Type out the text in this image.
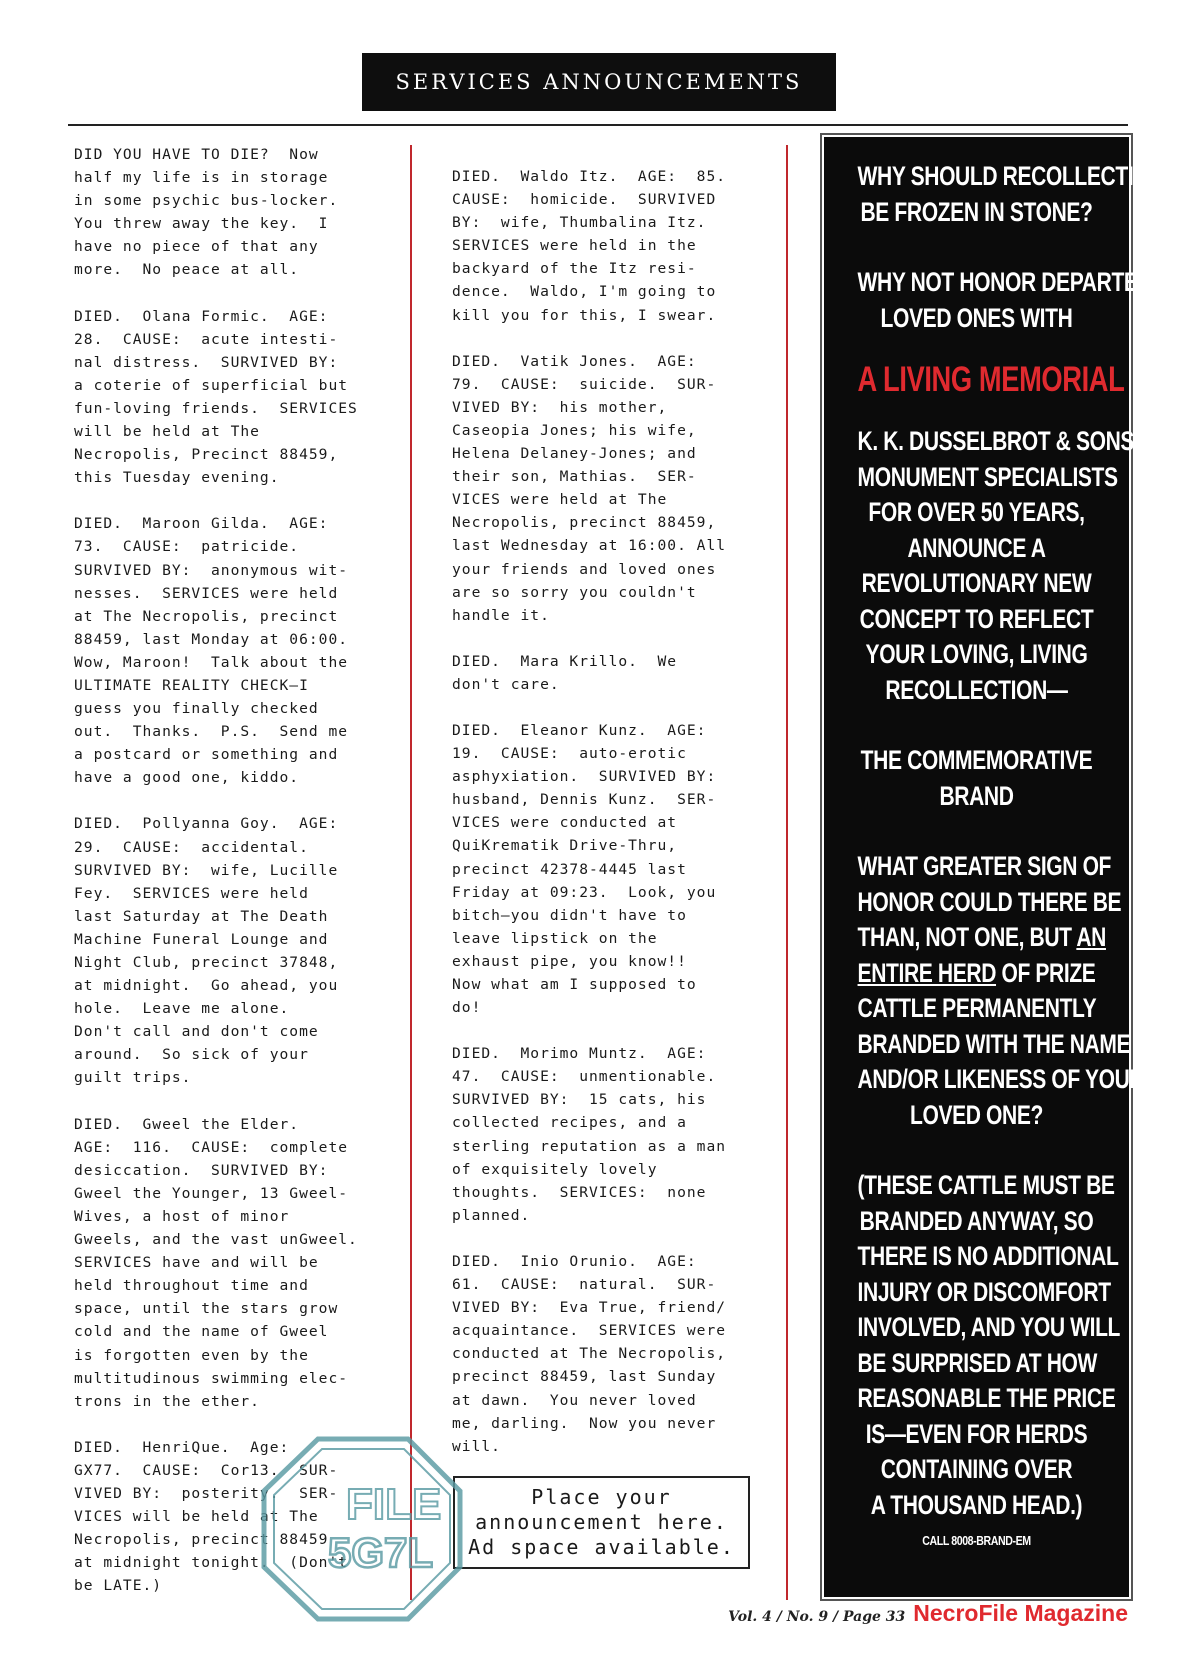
SERVICES ANNOUNCEMENTS
DID YOU HAVE TO DIE?  Now
half my life is in storage
in some psychic bus-locker.
You threw away the key.  I
have no piece of that any
more.  No peace at all.
DIED.  Olana Formic.  AGE:
28.  CAUSE:  acute intesti-
nal distress.  SURVIVED BY:
a coterie of superficial but
fun-loving friends.  SERVICES
will be held at The
Necropolis, Precinct 88459,
this Tuesday evening.
DIED.  Maroon Gilda.  AGE:
73.  CAUSE:  patricide.
SURVIVED BY:  anonymous wit-
nesses.  SERVICES were held
at The Necropolis, precinct
88459, last Monday at 06:00.
Wow, Maroon!  Talk about the
ULTIMATE REALITY CHECK—I
guess you finally checked
out.  Thanks.  P.S.  Send me
a postcard or something and
have a good one, kiddo.
DIED.  Pollyanna Goy.  AGE:
29.  CAUSE:  accidental.
SURVIVED BY:  wife, Lucille
Fey.  SERVICES were held
last Saturday at The Death
Machine Funeral Lounge and
Night Club, precinct 37848,
at midnight.  Go ahead, you
hole.  Leave me alone.
Don't call and don't come
around.  So sick of your
guilt trips.
DIED.  Gweel the Elder.
AGE:  116.  CAUSE:  complete
desiccation.  SURVIVED BY:
Gweel the Younger, 13 Gweel-
Wives, a host of minor
Gweels, and the vast unGweel.
SERVICES have and will be
held throughout time and
space, until the stars grow
cold and the name of Gweel
is forgotten even by the
multitudinous swimming elec-
trons in the ether.
DIED.  HenriQue.  Age:
GX77.  CAUSE:  Cor13.  SUR-
VIVED BY:  posterity.  SER-
VICES will be held at The
Necropolis, precinct 88459
at midnight tonight.  (Don't
be LATE.)
DIED.  Waldo Itz.  AGE:  85.
CAUSE:  homicide.  SURVIVED
BY:  wife, Thumbalina Itz.
SERVICES were held in the
backyard of the Itz resi-
dence.  Waldo, I'm going to
kill you for this, I swear.
DIED.  Vatik Jones.  AGE:
79.  CAUSE:  suicide.  SUR-
VIVED BY:  his mother,
Caseopia Jones; his wife,
Helena Delaney-Jones; and
their son, Mathias.  SER-
VICES were held at The
Necropolis, precinct 88459,
last Wednesday at 16:00. All
your friends and loved ones
are so sorry you couldn't
handle it.
DIED.  Mara Krillo.  We
don't care.
DIED.  Eleanor Kunz.  AGE:
19.  CAUSE:  auto-erotic
asphyxiation.  SURVIVED BY:
husband, Dennis Kunz.  SER-
VICES were conducted at
QuiKrematik Drive-Thru,
precinct 42378-4445 last
Friday at 09:23.  Look, you
bitch—you didn't have to
leave lipstick on the
exhaust pipe, you know!!
Now what am I supposed to
do!
DIED.  Morimo Muntz.  AGE:
47.  CAUSE:  unmentionable.
SURVIVED BY:  15 cats, his
collected recipes, and a
sterling reputation as a man
of exquisitely lovely
thoughts.  SERVICES:  none
planned.
DIED.  Inio Orunio.  AGE:
61.  CAUSE:  natural.  SUR-
VIVED BY:  Eva True, friend/
acquaintance.  SERVICES were
conducted at The Necropolis,
precinct 88459, last Sunday
at dawn.  You never loved
me, darling.  Now you never
will.
Place your
announcement here.
Ad space available.
WHY SHOULD RECOLLECTION
BE FROZEN IN STONE?
WHY NOT HONOR DEPARTED
LOVED ONES WITH
A LIVING MEMORIAL
K. K. DUSSELBROT & SONS,
MONUMENT SPECIALISTS
FOR OVER 50 YEARS,
ANNOUNCE A
REVOLUTIONARY NEW
CONCEPT TO REFLECT
YOUR LOVING, LIVING
RECOLLECTION—
THE COMMEMORATIVE
BRAND
WHAT GREATER SIGN OF
HONOR COULD THERE BE
THAN, NOT ONE, BUT AN
ENTIRE HERD OF PRIZE
CATTLE PERMANENTLY
BRANDED WITH THE NAME
AND/OR LIKENESS OF YOUR
LOVED ONE?
(THESE CATTLE MUST BE
BRANDED ANYWAY, SO
THERE IS NO ADDITIONAL
INJURY OR DISCOMFORT
INVOLVED, AND YOU WILL
BE SURPRISED AT HOW
REASONABLE THE PRICE
IS—EVEN FOR HERDS
CONTAINING OVER
A THOUSAND HEAD.)
CALL 8008-BRAND-EM
FILE
5G7L
Vol. 4 / No. 9 / Page 33 NecroFile Magazine
